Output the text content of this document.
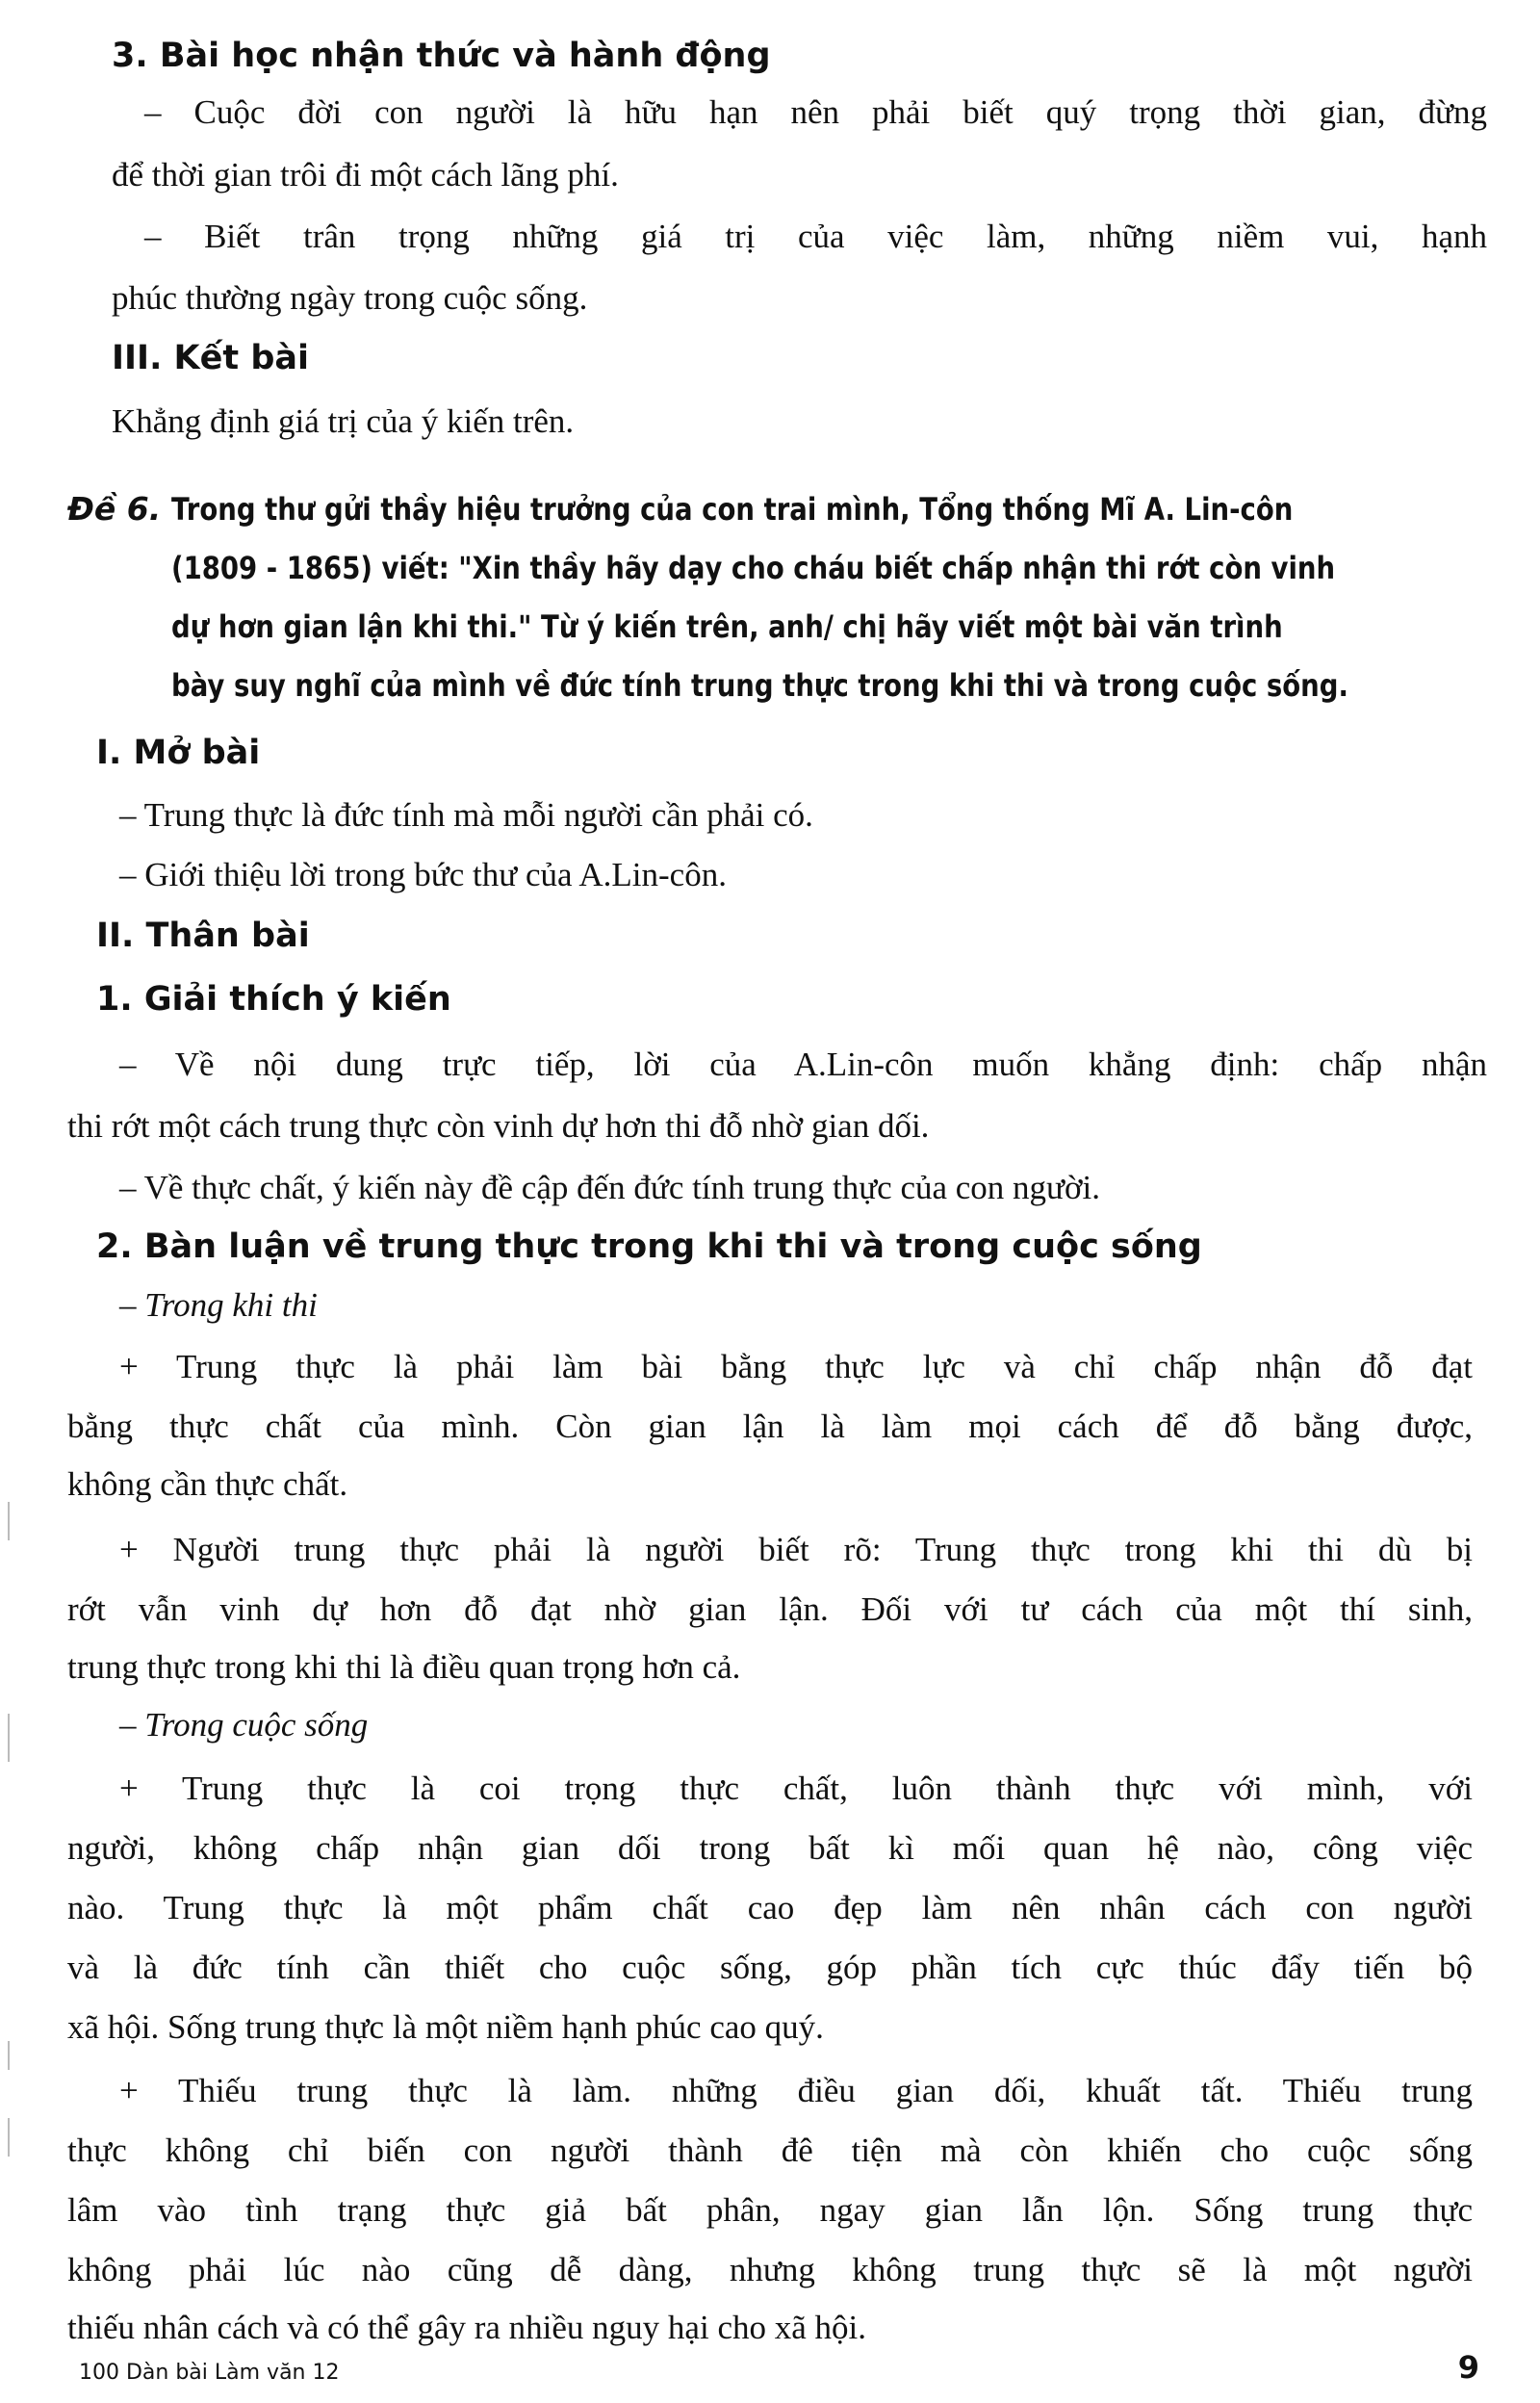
3. Bài học nhận thức và hành động
– Cuộc đời con người là hữu hạn nên phải biết quý trọng thời gian, đừng
để thời gian trôi đi một cách lãng phí.
– Biết trân trọng những giá trị của việc làm, những niềm vui, hạnh
phúc thường ngày trong cuộc sống.
III. Kết bài
Khẳng định giá trị của ý kiến trên.
Đề 6. Trong thư gửi thầy hiệu trưởng của con trai mình, Tổng thống Mĩ A. Lin-côn
(1809 - 1865) viết: "Xin thầy hãy dạy cho cháu biết chấp nhận thi rớt còn vinh
dự hơn gian lận khi thi." Từ ý kiến trên, anh/ chị hãy viết một bài văn trình
bày suy nghĩ của mình về đức tính trung thực trong khi thi và trong cuộc sống.
I. Mở bài
– Trung thực là đức tính mà mỗi người cần phải có.
– Giới thiệu lời trong bức thư của A.Lin-côn.
II. Thân bài
1. Giải thích ý kiến
– Về nội dung trực tiếp, lời của A.Lin-côn muốn khẳng định: chấp nhận
thi rớt một cách trung thực còn vinh dự hơn thi đỗ nhờ gian dối.
– Về thực chất, ý kiến này đề cập đến đức tính trung thực của con người.
2. Bàn luận về trung thực trong khi thi và trong cuộc sống
– Trong khi thi
+ Trung thực là phải làm bài bằng thực lực và chỉ chấp nhận đỗ đạt
bằng thực chất của mình. Còn gian lận là làm mọi cách để đỗ bằng được,
không cần thực chất.
+ Người trung thực phải là người biết rõ: Trung thực trong khi thi dù bị
rớt vẫn vinh dự hơn đỗ đạt nhờ gian lận. Đối với tư cách của một thí sinh,
trung thực trong khi thi là điều quan trọng hơn cả.
– Trong cuộc sống
+ Trung thực là coi trọng thực chất, luôn thành thực với mình, với
người, không chấp nhận gian dối trong bất kì mối quan hệ nào, công việc
nào. Trung thực là một phẩm chất cao đẹp làm nên nhân cách con người
và là đức tính cần thiết cho cuộc sống, góp phần tích cực thúc đẩy tiến bộ
xã hội. Sống trung thực là một niềm hạnh phúc cao quý.
+ Thiếu trung thực là làm. những điều gian dối, khuất tất. Thiếu trung
thực không chỉ biến con người thành đê tiện mà còn khiến cho cuộc sống
lâm vào tình trạng thực giả bất phân, ngay gian lẫn lộn. Sống trung thực
không phải lúc nào cũng dễ dàng, nhưng không trung thực sẽ là một người
thiếu nhân cách và có thể gây ra nhiều nguy hại cho xã hội.
100 Dàn bài Làm văn 12	9
